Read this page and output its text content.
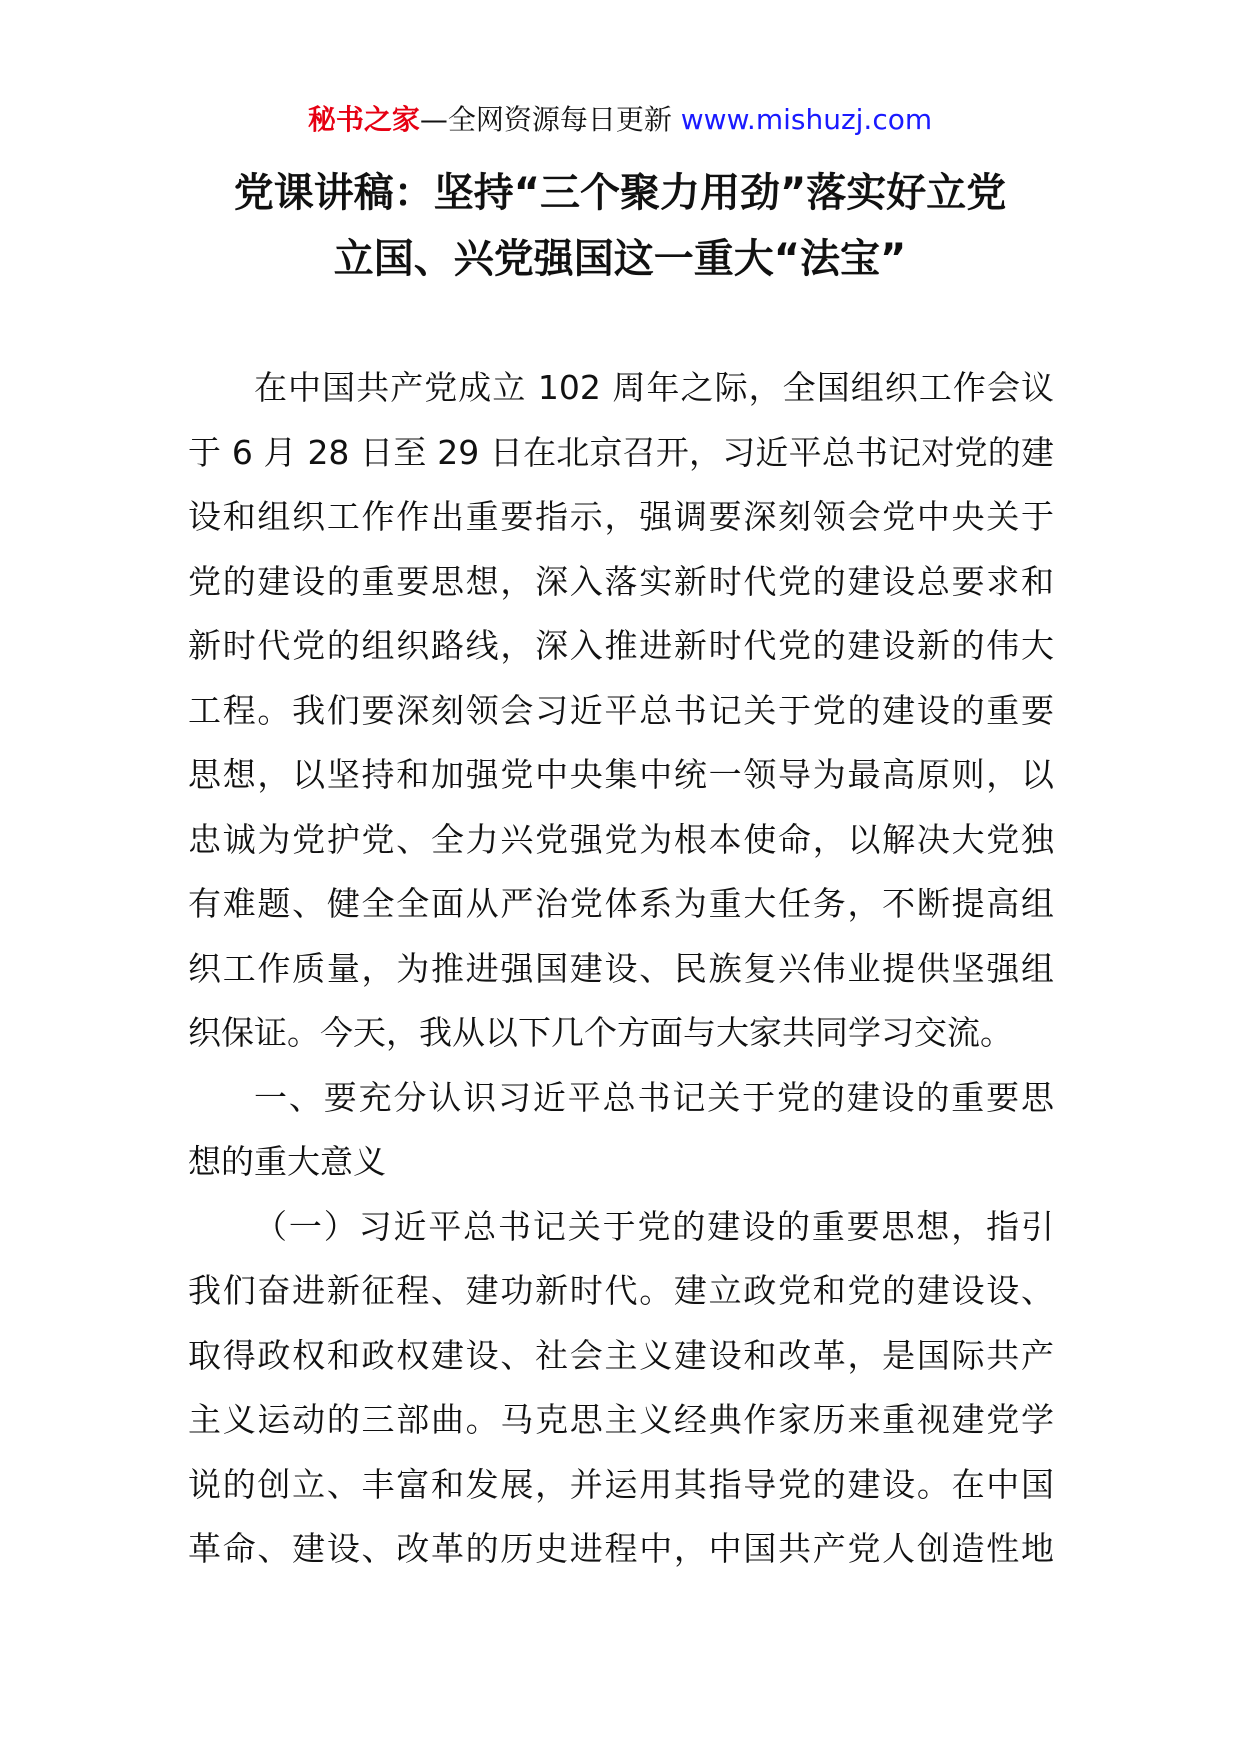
秘书之家—全网资源每日更新 www.mishuzj.com
党课讲稿：坚持“三个聚力用劲”落实好立党
立国、兴党强国这一重大“法宝”
在中国共产党成立 102 周年之际，全国组织工作会议
于 6 月 28 日至 29 日在北京召开，习近平总书记对党的建
设和组织工作作出重要指示，强调要深刻领会党中央关于
党的建设的重要思想，深入落实新时代党的建设总要求和
新时代党的组织路线，深入推进新时代党的建设新的伟大
工程。我们要深刻领会习近平总书记关于党的建设的重要
思想，以坚持和加强党中央集中统一领导为最高原则，以
忠诚为党护党、全力兴党强党为根本使命，以解决大党独
有难题、健全全面从严治党体系为重大任务，不断提高组
织工作质量，为推进强国建设、民族复兴伟业提供坚强组
织保证。今天，我从以下几个方面与大家共同学习交流。
一、要充分认识习近平总书记关于党的建设的重要思
想的重大意义
（一）习近平总书记关于党的建设的重要思想，指引
我们奋进新征程、建功新时代。建立政党和党的建设设、
取得政权和政权建设、社会主义建设和改革，是国际共产
主义运动的三部曲。马克思主义经典作家历来重视建党学
说的创立、丰富和发展，并运用其指导党的建设。在中国
革命、建设、改革的历史进程中，中国共产党人创造性地
